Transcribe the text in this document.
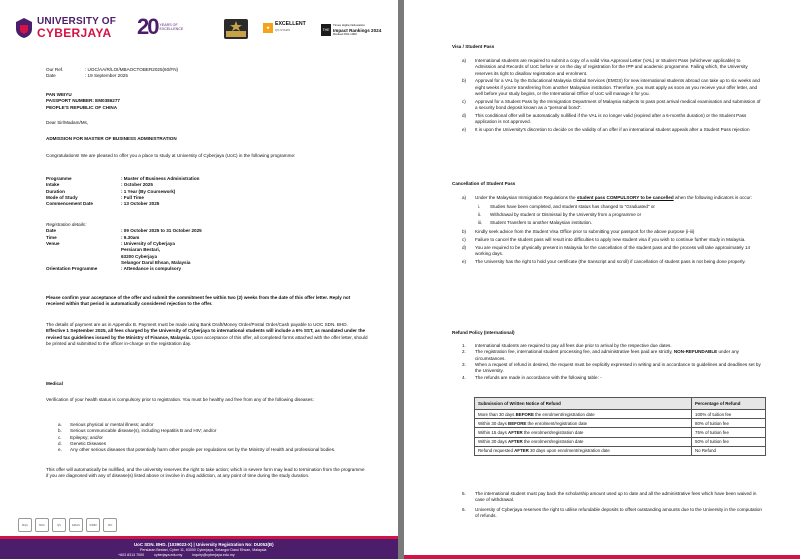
UNIVERSITY OF
CYBERJAYA 20 YEARS OF EXCELLENCE	★
EXCELLENT
QS STARS	THE
Times Higher Education
Impact Rankings 2024
Ranked 801-1000
Our Ref.	: UOC/AA/R/LOI/MBAOCTOBER2025(60/FN)
Date	: 19 September 2025
PAN WEIYU
PASSPORT NUMBER: EM0386277
PEOPLE'S REPUBLIC OF CHINA
Dear Sir/Madam/Ms,
ADMISSION FOR MASTER OF BUSINESS ADMINISTRATION
Congratulations! We are pleased to offer you a place to study at University of Cyberjaya (UoC) in the following programme:
Programme	: Master of Business Administration
Intake	: October 2025
Duration	: 1 Year (By Coursework)
Mode of Study	: Full Time
Commencement Date	: 13 October 2025
Registration details:
Date	: 09 October 2025 to 31 October 2025
Time	: 9.30am
Venue	: University of Cyberjaya
Persiaran Bestari,
63200 Cyberjaya
Selangor Darul Ehsan, Malaysia
Orientation Programme	: Attendance is compulsory
Please confirm your acceptance of the offer and submit the commitment fee within two (2) weeks from the date of this offer letter. Reply not received within that period is automatically considered rejection to the offer.
The details of payment are as in Appendix B. Payment must be made using Bank Draft/Money Order/Postal Order/Cash payable to UOC SDN. BHD. Effective 1 September 2025, all fees charged by the University of Cyberjaya to international students will include a 6% SST, as mandated under the revised tax guidelines issued by the Ministry of Finance, Malaysia. Upon acceptance of this offer, all completed forms attached with the offer letter, should be printed and submitted to the officer in-charge on the registration day.
Medical
Verification of your health status is compulsory prior to registration. You must be healthy and free from any of the following diseases:
a.	Serious physical or mental illness; and/or
b.	Serious communicable disease(s), including Hepatitis B and HIV; and/or
c.	Epilepsy; and/or
d.	Genetic Diseases
e.	Any other serious diseases that potentially harm other people per regulations set by the Ministry of Health and professional bodies.
This offer will automatically be nullified, and the university reserves the right to take action; which in severe form may lead to termination from the programme if you are diagnosed with any of disease(s) listed above or involve in drug addiction, at any point of time during the study duration.
MQA	MSC	QS	EMGS	SIRIM	ISO
UoC SDN. BHD. (1039023-X) | University Registration No: DU053(B)
Persiaran Bestari, Cyber 11, 63000 Cyberjaya, Selangor Darul Ehsan, Malaysia
+603 8313 7000	cyberjaya.edu.my	inquiry@cyberjaya.edu.my
Visa / Student Pass
a)	International students are required to submit a copy of a valid Visa Approval Letter (VAL) or Student Pass (whichever applicable) to Admission and Records of UoC before or on the day of registration for the IPP and academic programme. Failing which, the University reserves its right to disallow registration and enrolment.
b)	Approval for a VAL by the Educational Malaysia Global Services (EMGS) for new international students abroad can take up to six weeks and eight weeks if you're transferring from another Malaysian institution. Therefore, you must apply as soon as you receive your offer letter, and well before your study begins, or the International Office of UoC will manage it for you.
c)	Approval for a Student Pass by the Immigration Department of Malaysia subjects to pass post arrival medical examination and submission of a security bond deposit known as a "personal bond".
d)	This conditional offer will be automatically nullified if the VAL is no longer valid (expired after a 6-months duration) or the Student Pass application is not approved.
e)	It is upon the University's discretion to decide on the validity of an offer if an international student appeals after a Student Pass rejection
Cancellation of Student Pass
a)	Under the Malaysian Immigration Regulations the student pass COMPULSORY to be cancelled when the following indicators is occur:
i.	Studies have been completed, and student status has changed to "Graduated" or
ii.	Withdrawal by student or Dismissal by the University from a programme or
iii.	Student Transfers to another Malaysian institution.
b)	Kindly seek advice from the Student Visa Office prior to submitting your passport for the above purpose (i-iii)
c)	Failure to cancel the student pass will result into difficulties to apply new student visa if you wish to continue further study in Malaysia.
d)	You are required to be physically present in Malaysia for the cancellation of the student pass and the process will take approximately 14 working days.
e)	The University has the right to hold your certificate (the transcript and scroll) if cancellation of student pass is not being done properly.
Refund Policy (International)
1.	International students are required to pay all fees due prior to arrival by the respective due dates.
2.	The registration fee, international student processing fee, and administrative fees paid are strictly, NON-REFUNDABLE under any circumstances.
3.	When a request of refund is desired, the request must be explicitly expressed in writing and in accordance to guidelines and deadlines set by the University.
4.	The refunds are made in accordance with the following table: -
Submission of Written Notice of Refund	Percentage of Refund
More than 30 days BEFORE the enrolment/registration date	100% of tuition fee
Within 30 days BEFORE the enrolment/registration date	80% of tuition fee
Within 15 days AFTER the enrolment/registration date	75% of tuition fee
Within 30 days AFTER the enrolment/registration date	50% of tuition fee
Refund requested AFTER 30 days upon enrolment/registration date	No Refund
5.	The international student must pay back the scholarship amount used up to date and all the administrative fees which have been waived in case of withdrawal.
6.	University of Cyberjaya reserves the right to utilise refundable deposits to offset outstanding amounts due to the University in the computation of refunds.
